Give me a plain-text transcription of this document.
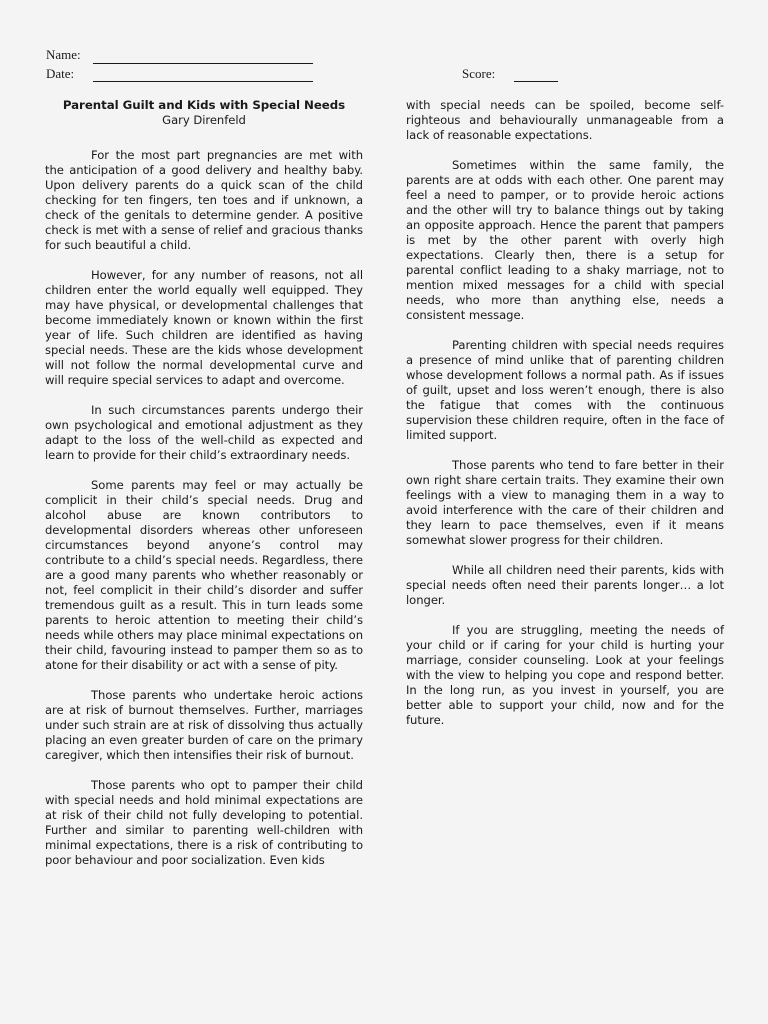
Name:
Date:	Score:

Parental Guilt and Kids with Special Needs

Gary Direnfeld

For the most part pregnancies are met with the anticipation of a good delivery and healthy baby. Upon delivery parents do a quick scan of the child checking for ten fingers, ten toes and if unknown, a check of the genitals to determine gender. A positive check is met with a sense of relief and gracious thanks for such beautiful a child.

However, for any number of reasons, not all children enter the world equally well equipped. They may have physical, or developmental challenges that become immediately known or known within the first year of life. Such children are identified as having special needs. These are the kids whose development will not follow the normal developmental curve and will require special services to adapt and overcome.

In such circumstances parents undergo their own psychological and emotional adjustment as they adapt to the loss of the well-child as expected and learn to provide for their child’s extraordinary needs.

Some parents may feel or may actually be complicit in their child’s special needs. Drug and alcohol abuse are known contributors to developmental disorders whereas other unforeseen circumstances beyond anyone’s control may contribute to a child’s special needs. Regardless, there are a good many parents who whether reasonably or not, feel complicit in their child’s disorder and suffer tremendous guilt as a result. This in turn leads some parents to heroic attention to meeting their child’s needs while others may place minimal expectations on their child, favouring instead to pamper them so as to atone for their disability or act with a sense of pity.

Those parents who undertake heroic actions are at risk of burnout themselves. Further, marriages under such strain are at risk of dissolving thus actually placing an even greater burden of care on the primary caregiver, which then intensifies their risk of burnout.

Those parents who opt to pamper their child with special needs and hold minimal expectations are at risk of their child not fully developing to potential. Further and similar to parenting well-children with minimal expectations, there is a risk of contributing to poor behaviour and poor socialization. Even kids

with special needs can be spoiled, become self-righteous and behaviourally unmanageable from a lack of reasonable expectations.

Sometimes within the same family, the parents are at odds with each other. One parent may feel a need to pamper, or to provide heroic actions and the other will try to balance things out by taking an opposite approach. Hence the parent that pampers is met by the other parent with overly high expectations. Clearly then, there is a setup for parental conflict leading to a shaky marriage, not to mention mixed messages for a child with special needs, who more than anything else, needs a consistent message.

Parenting children with special needs requires a presence of mind unlike that of parenting children whose development follows a normal path. As if issues of guilt, upset and loss weren’t enough, there is also the fatigue that comes with the continuous supervision these children require, often in the face of limited support.

Those parents who tend to fare better in their own right share certain traits. They examine their own feelings with a view to managing them in a way to avoid interference with the care of their children and they learn to pace themselves, even if it means somewhat slower progress for their children.

While all children need their parents, kids with special needs often need their parents longer… a lot longer.

If you are struggling, meeting the needs of your child or if caring for your child is hurting your marriage, consider counseling. Look at your feelings with the view to helping you cope and respond better. In the long run, as you invest in yourself, you are better able to support your child, now and for the future.
